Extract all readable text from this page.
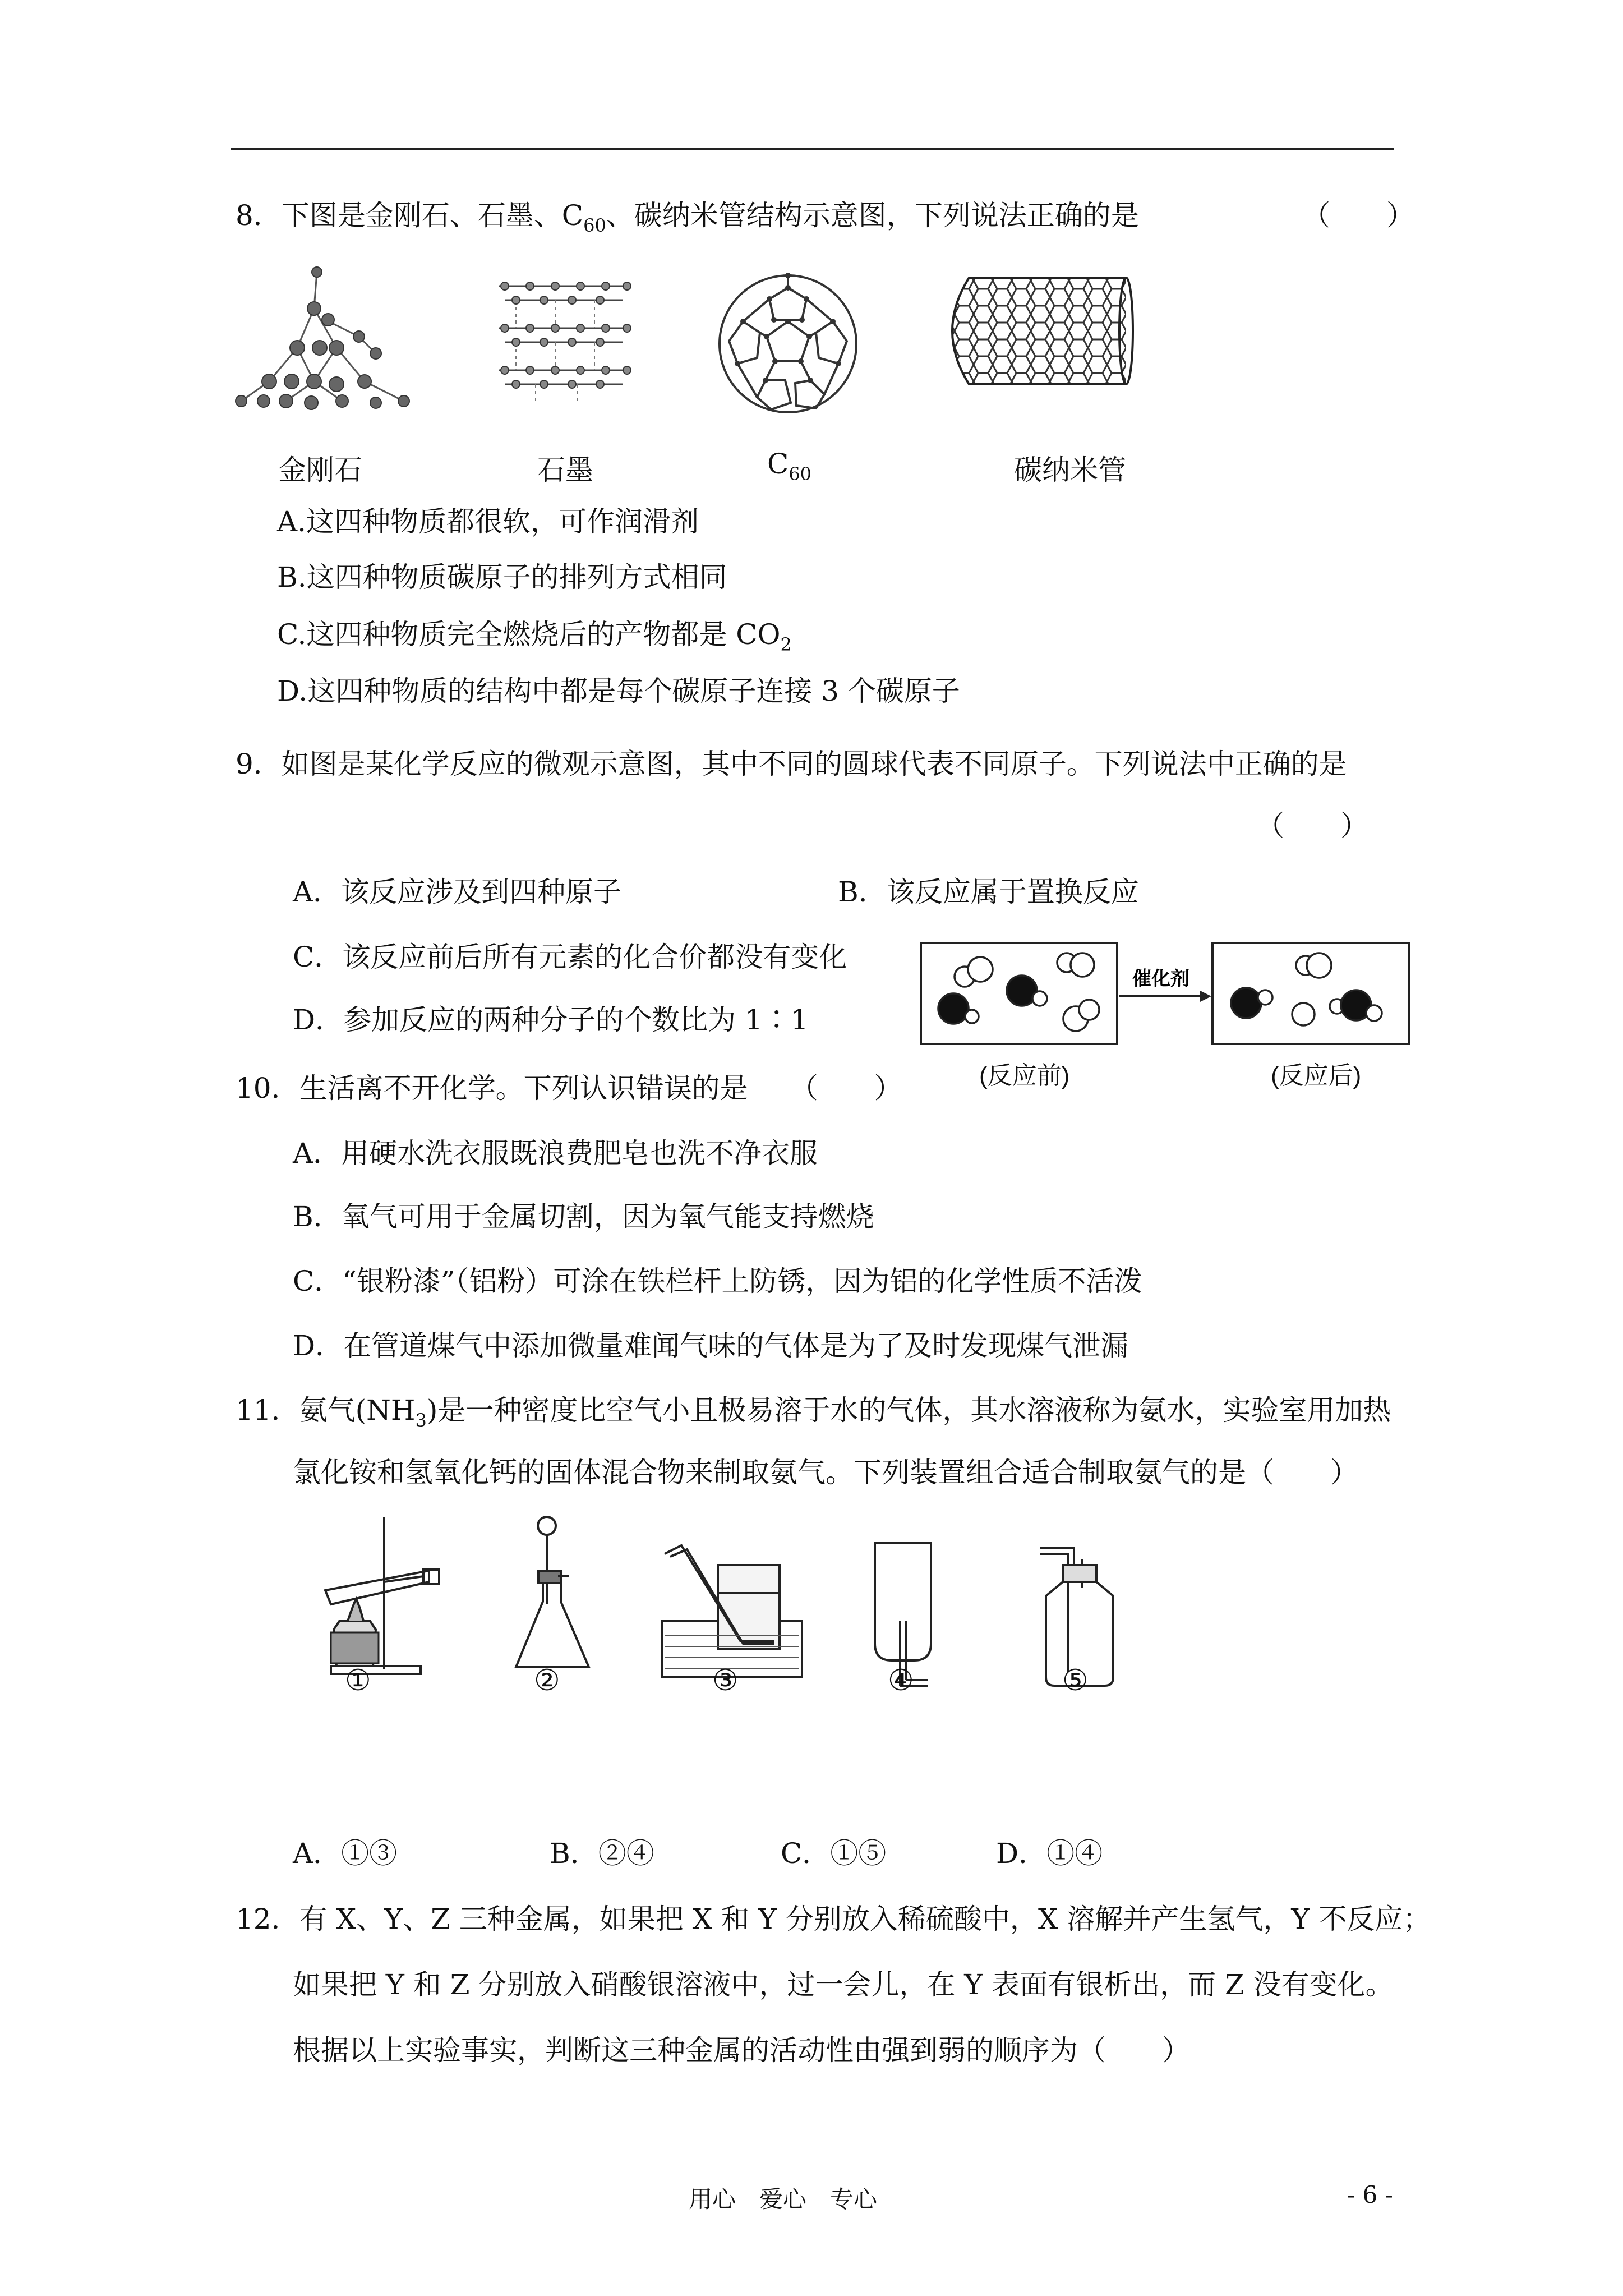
8．下图是金刚石、石墨、$C_{60}$、碳纳米管结构示意图，下列说法正确的是	（　　）
金刚石	石墨	$C_{60}$	碳纳米管
A.这四种物质都很软，可作润滑剂
B.这四种物质碳原子的排列方式相同
C.这四种物质完全燃烧后的产物都是 $CO_2$
D.这四种物质的结构中都是每个碳原子连接 3 个碳原子
9．如图是某化学反应的微观示意图，其中不同的圆球代表不同原子。下列说法中正确的是
（　　）
A．该反应涉及到四种原子	B．该反应属于置换反应
C．该反应前后所有元素的化合价都没有变化
D．参加反应的两种分子的个数比为 1∶1
催化剂
(反应前)	(反应后)
10．生活离不开化学。下列认识错误的是　　（　　）
A．用硬水洗衣服既浪费肥皂也洗不净衣服
B．氧气可用于金属切割，因为氧气能支持燃烧
C．“银粉漆”（铝粉）可涂在铁栏杆上防锈，因为铝的化学性质不活泼
D．在管道煤气中添加微量难闻气味的气体是为了及时发现煤气泄漏
11．氨气$(NH_3)$是一种密度比空气小且极易溶于水的气体，其水溶液称为氨水，实验室用加热
氯化铵和氢氧化钙的固体混合物来制取氨气。下列装置组合适合制取氨气的是（　　）
①	②	③	④	⑤
A．①③	B．②④	C．①⑤	D．①④
12．有 X、Y、Z 三种金属，如果把 X 和 Y 分别放入稀硫酸中，X 溶解并产生氢气，Y 不反应；
如果把 Y 和 Z 分别放入硝酸银溶液中，过一会儿，在 Y 表面有银析出，而 Z 没有变化。
根据以上实验事实，判断这三种金属的活动性由强到弱的顺序为（　　）
用心　爱心　专心	- 6 -
